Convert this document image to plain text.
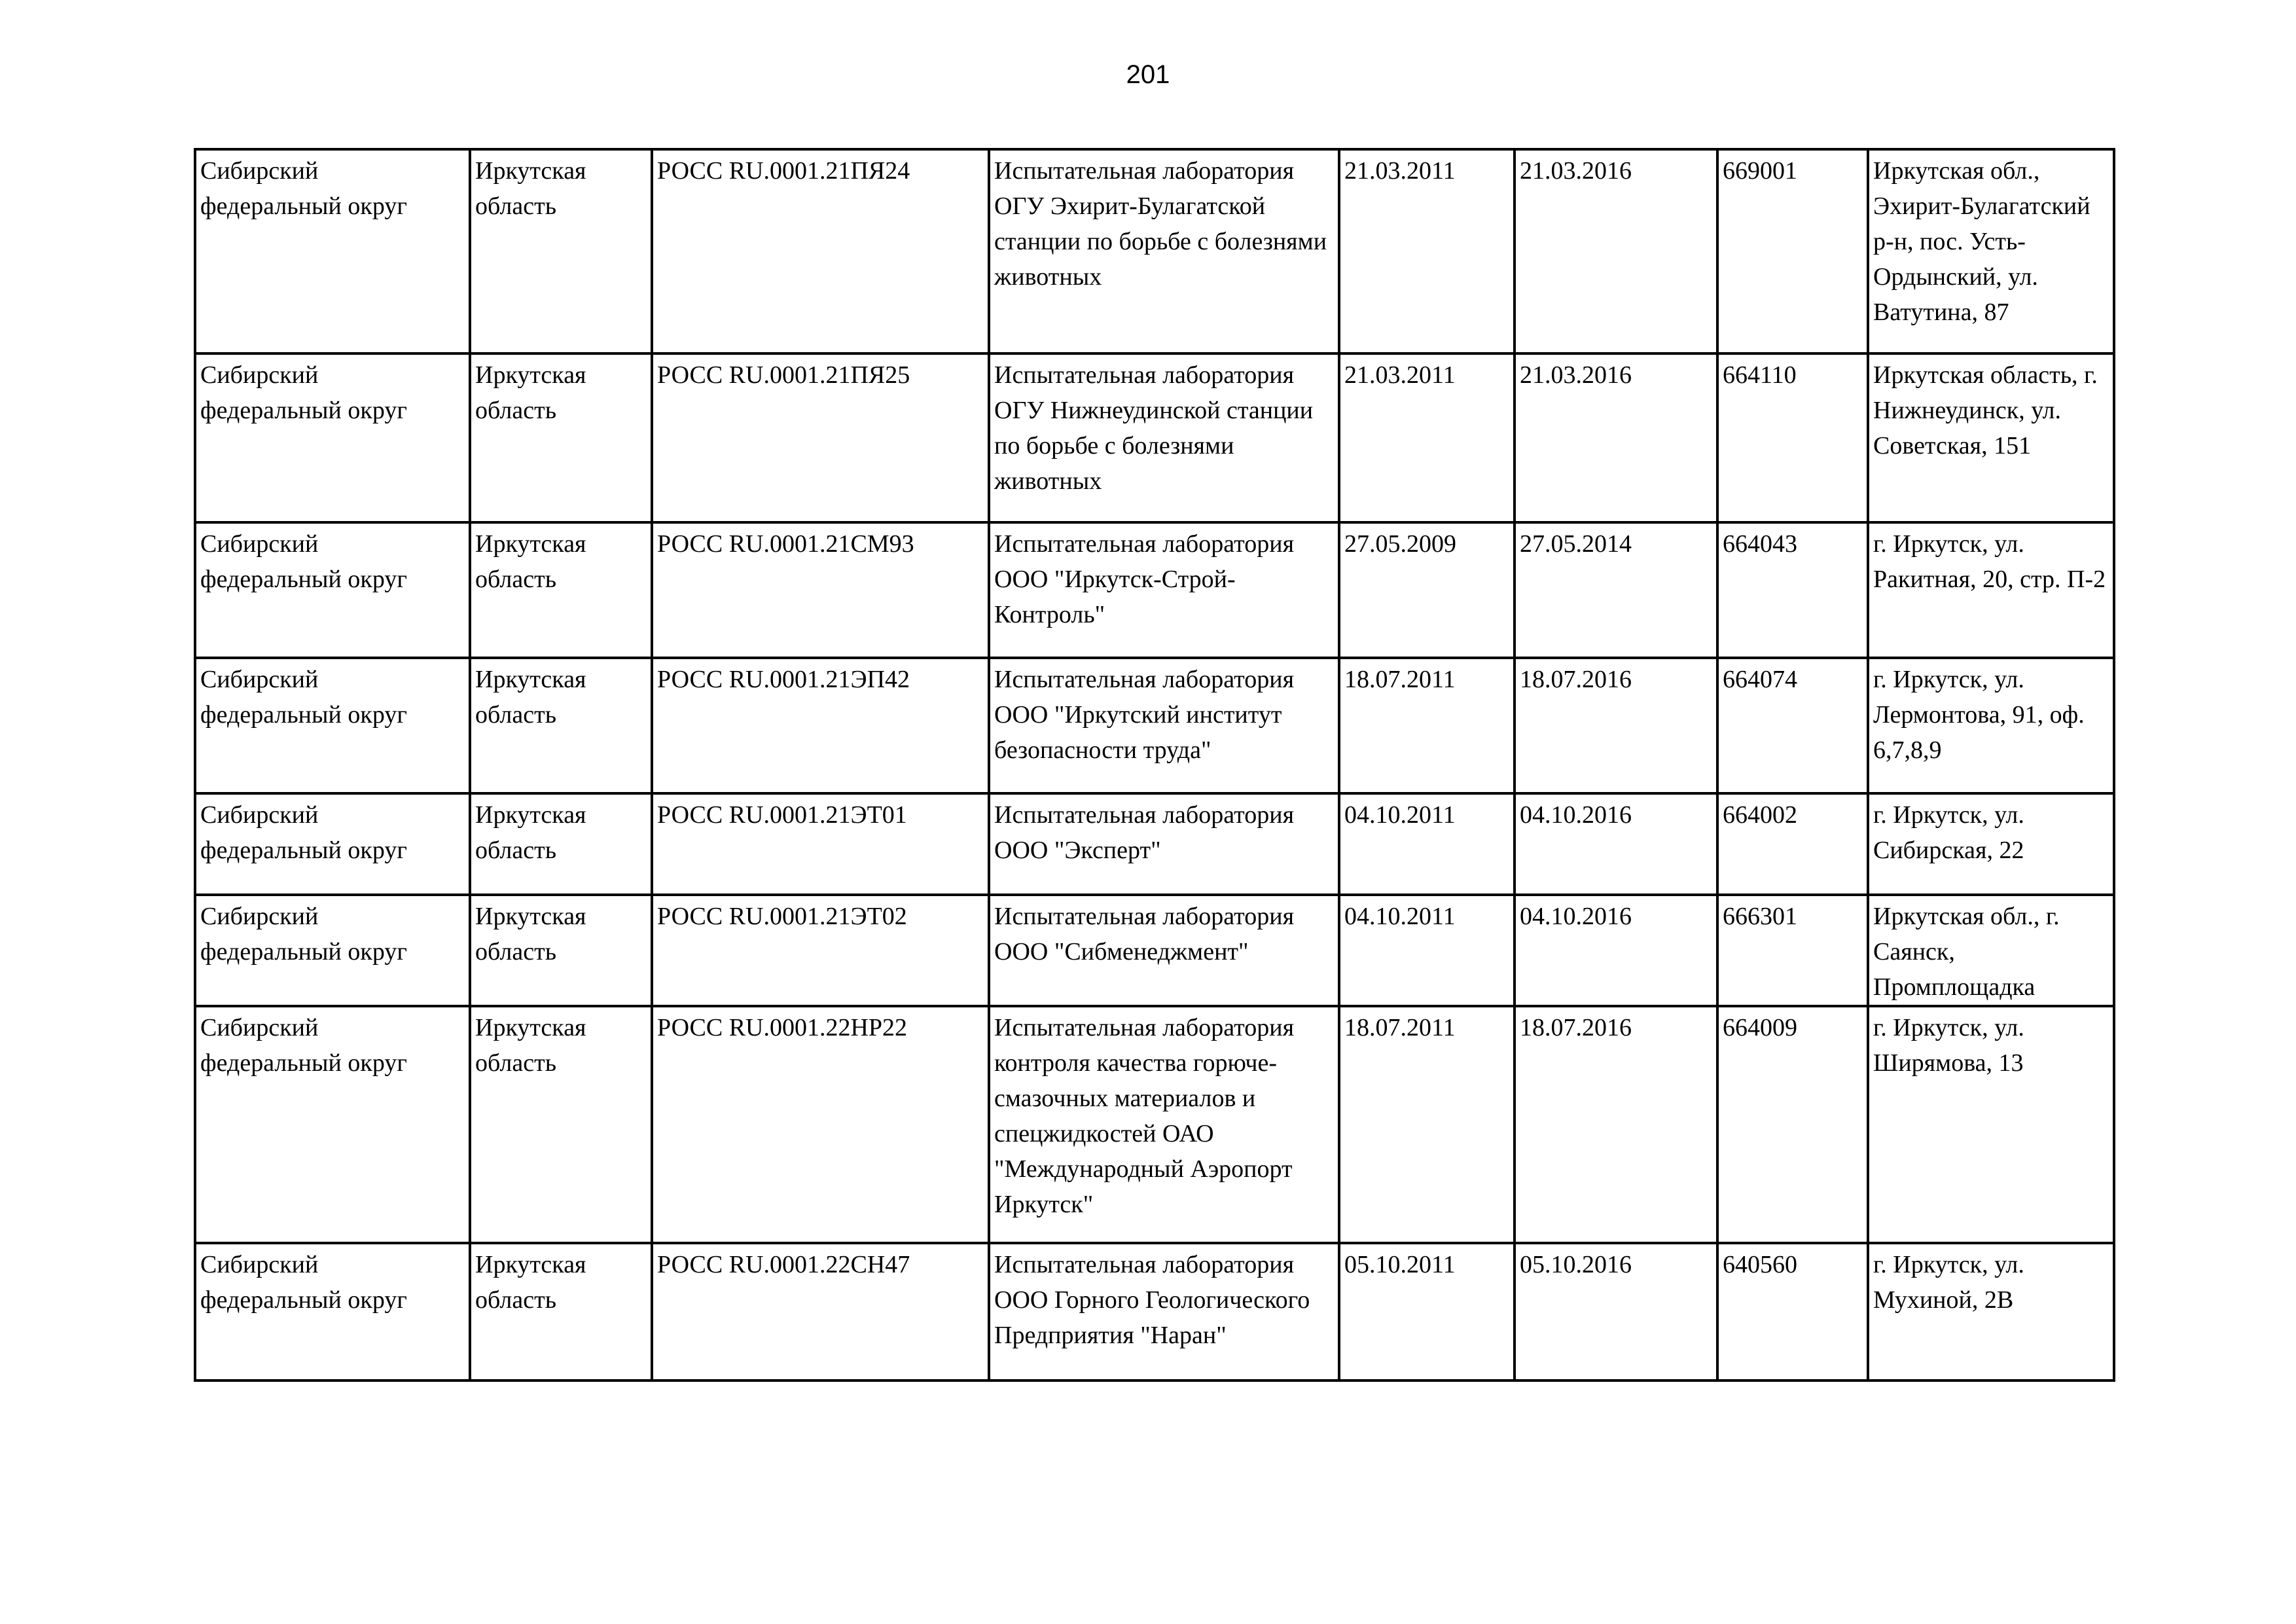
201
Сибирский федеральный округ	Иркутская область	РОСС RU.0001.21ПЯ24	Испытательная лаборатория ОГУ Эхирит-Булагатской станции по борьбе с болезнями животных	21.03.2011	21.03.2016	669001	Иркутская обл., Эхирит-Булагатский р-н, пос. Усть-Ордынский, ул. Ватутина, 87
Сибирский федеральный округ	Иркутская область	РОСС RU.0001.21ПЯ25	Испытательная лаборатория ОГУ Нижнеудинской станции по борьбе с болезнями животных	21.03.2011	21.03.2016	664110	Иркутская область, г. Нижнеудинск, ул. Советская, 151
Сибирский федеральный округ	Иркутская область	РОСС RU.0001.21СМ93	Испытательная лаборатория ООО "Иркутск-Строй-Контроль"	27.05.2009	27.05.2014	664043	г. Иркутск, ул. Ракитная, 20, стр. П-2
Сибирский федеральный округ	Иркутская область	РОСС RU.0001.21ЭП42	Испытательная лаборатория ООО "Иркутский институт безопасности труда"	18.07.2011	18.07.2016	664074	г. Иркутск, ул. Лермонтова, 91, оф. 6,7,8,9
Сибирский федеральный округ	Иркутская область	РОСС RU.0001.21ЭТ01	Испытательная лаборатория ООО "Эксперт"	04.10.2011	04.10.2016	664002	г. Иркутск, ул. Сибирская, 22
Сибирский федеральный округ	Иркутская область	РОСС RU.0001.21ЭТ02	Испытательная лаборатория ООО "Сибменеджмент"	04.10.2011	04.10.2016	666301	Иркутская обл., г. Саянск, Промплощадка
Сибирский федеральный округ	Иркутская область	РОСС RU.0001.22НР22	Испытательная лаборатория контроля качества горюче-смазочных материалов и спецжидкостей ОАО "Международный Аэропорт Иркутск"	18.07.2011	18.07.2016	664009	г. Иркутск, ул. Ширямова, 13
Сибирский федеральный округ	Иркутская область	РОСС RU.0001.22СН47	Испытательная лаборатория ООО Горного Геологического Предприятия "Наран"	05.10.2011	05.10.2016	640560	г. Иркутск, ул. Мухиной, 2В
